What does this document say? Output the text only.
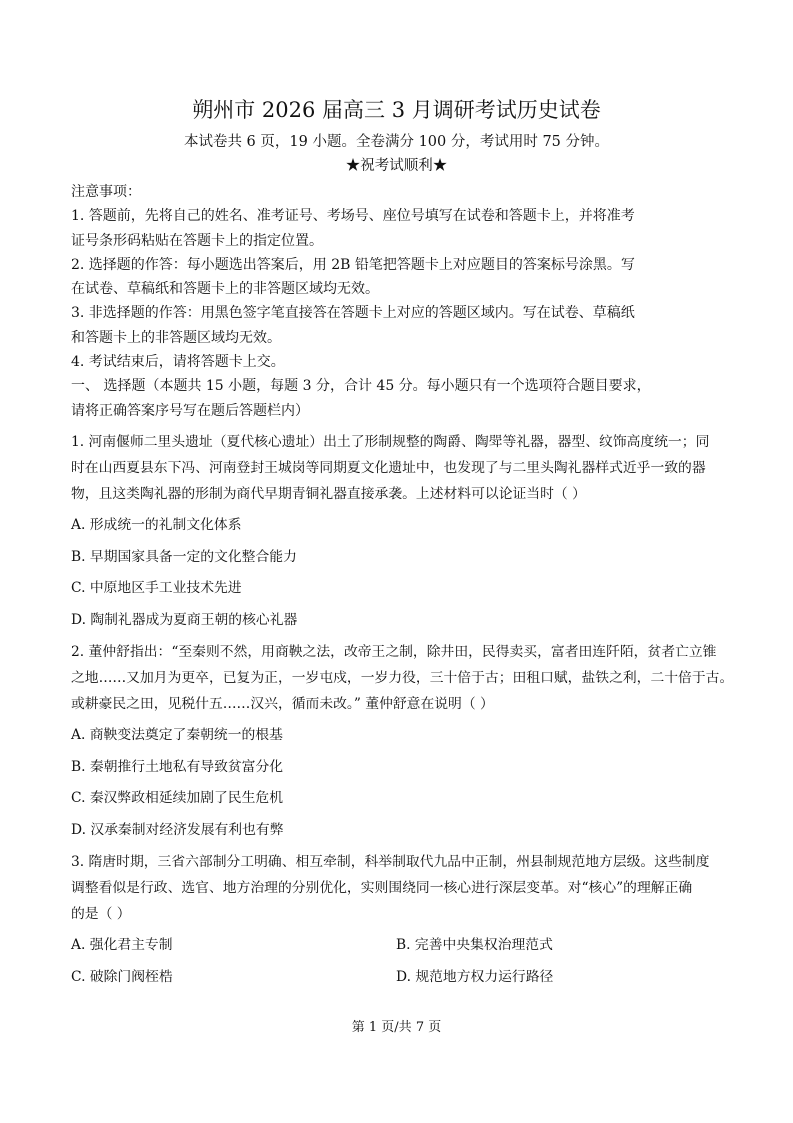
朔州市 2026 届高三 3 月调研考试历史试卷
本试卷共 6 页，19 小题。全卷满分 100 分，考试用时 75 分钟。
★祝考试顺利★
注意事项：
1. 答题前，先将自己的姓名、准考证号、考场号、座位号填写在试卷和答题卡上，并将准考
证号条形码粘贴在答题卡上的指定位置。
2. 选择题的作答：每小题选出答案后，用 2B 铅笔把答题卡上对应题目的答案标号涂黑。写
在试卷、草稿纸和答题卡上的非答题区域均无效。
3. 非选择题的作答：用黑色签字笔直接答在答题卡上对应的答题区域内。写在试卷、草稿纸
和答题卡上的非答题区域均无效。
4. 考试结束后，请将答题卡上交。
一、 选择题（本题共 15 小题，每题 3 分，合计 45 分。每小题只有一个选项符合题目要求，
请将正确答案序号写在题后答题栏内）
1. 河南偃师二里头遗址（夏代核心遗址）出土了形制规整的陶爵、陶斝等礼器，器型、纹饰高度统一；同
时在山西夏县东下冯、河南登封王城岗等同期夏文化遗址中，也发现了与二里头陶礼器样式近乎一致的器
物，且这类陶礼器的形制为商代早期青铜礼器直接承袭。上述材料可以论证当时（ ）
A. 形成统一的礼制文化体系
B. 早期国家具备一定的文化整合能力
C. 中原地区手工业技术先进
D. 陶制礼器成为夏商王朝的核心礼器
2. 董仲舒指出：“至秦则不然，用商鞅之法，改帝王之制，除井田，民得卖买，富者田连阡陌，贫者亡立锥
之地……又加月为更卒，已复为正，一岁屯戍，一岁力役，三十倍于古；田租口赋，盐铁之利，二十倍于古。
或耕豪民之田，见税什五……汉兴，循而未改。” 董仲舒意在说明（ ）
A. 商鞅变法奠定了秦朝统一的根基
B. 秦朝推行土地私有导致贫富分化
C. 秦汉弊政相延续加剧了民生危机
D. 汉承秦制对经济发展有利也有弊
3. 隋唐时期，三省六部制分工明确、相互牵制，科举制取代九品中正制，州县制规范地方层级。这些制度
调整看似是行政、选官、地方治理的分别优化，实则围绕同一核心进行深层变革。对“核心”的理解正确
的是（ ）
A. 强化君主专制	B. 完善中央集权治理范式
C. 破除门阀桎梏	D. 规范地方权力运行路径
第 1 页/共 7 页
